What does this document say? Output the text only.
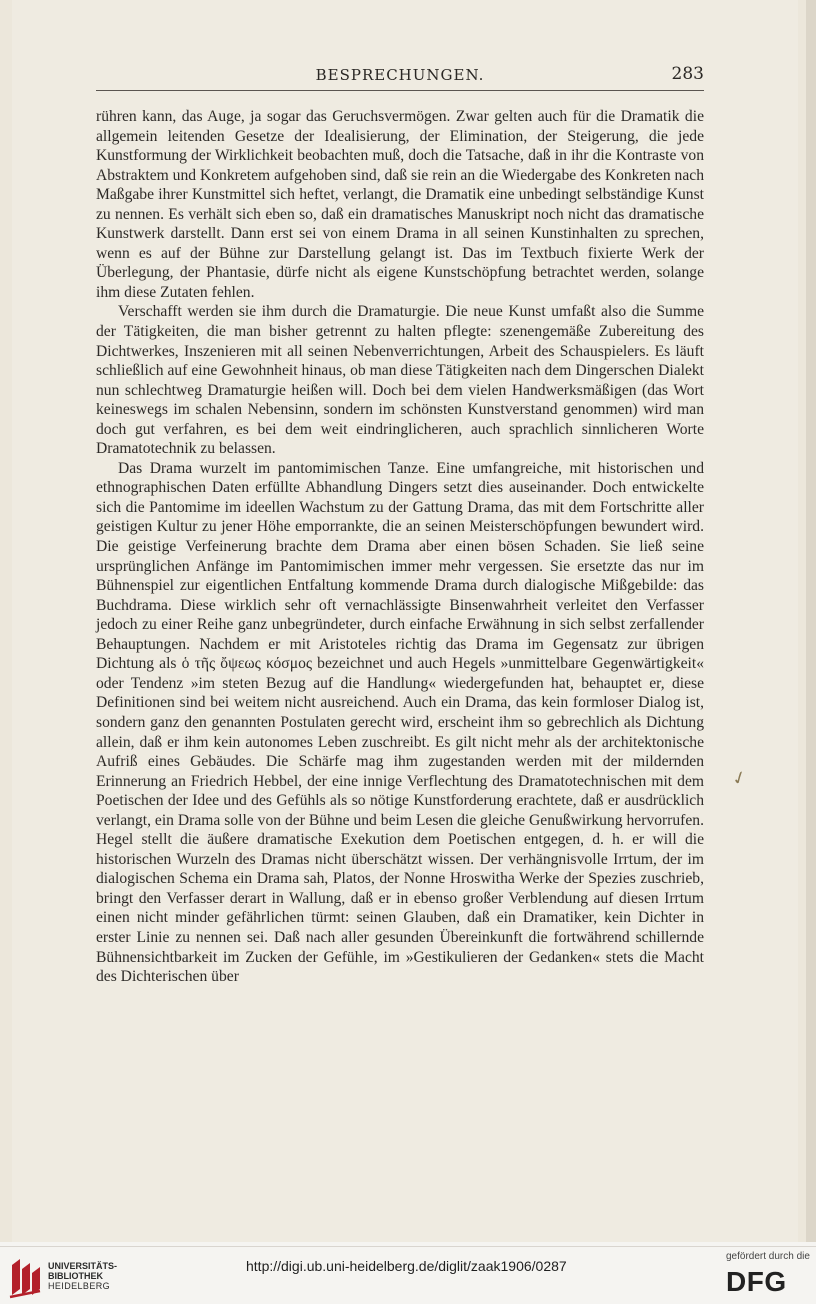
BESPRECHUNGEN.	283

rühren kann, das Auge, ja sogar das Geruchsvermögen. Zwar gelten auch für die Dramatik die allgemein leitenden Gesetze der Idealisierung, der Elimination, der Steigerung, die jede Kunstformung der Wirklichkeit beobachten muß, doch die Tatsache, daß in ihr die Kontraste von Abstraktem und Konkretem aufgehoben sind, daß sie rein an die Wiedergabe des Konkreten nach Maßgabe ihrer Kunstmittel sich heftet, verlangt, die Dramatik eine unbedingt selbständige Kunst zu nennen. Es verhält sich eben so, daß ein dramatisches Manuskript noch nicht das dramatische Kunstwerk darstellt. Dann erst sei von einem Drama in all seinen Kunstinhalten zu sprechen, wenn es auf der Bühne zur Darstellung gelangt ist. Das im Textbuch fixierte Werk der Überlegung, der Phantasie, dürfe nicht als eigene Kunstschöpfung betrachtet werden, solange ihm diese Zutaten fehlen.

Verschafft werden sie ihm durch die Dramaturgie. Die neue Kunst umfaßt also die Summe der Tätigkeiten, die man bisher getrennt zu halten pflegte: szenengemäße Zubereitung des Dichtwerkes, Inszenieren mit all seinen Nebenverrichtungen, Arbeit des Schauspielers. Es läuft schließlich auf eine Gewohnheit hinaus, ob man diese Tätigkeiten nach dem Dingerschen Dialekt nun schlechtweg Dramaturgie heißen will. Doch bei dem vielen Handwerksmäßigen (das Wort keineswegs im schalen Nebensinn, sondern im schönsten Kunstverstand genommen) wird man doch gut verfahren, es bei dem weit eindringlicheren, auch sprachlich sinnlicheren Worte Dramatotechnik zu belassen.

Das Drama wurzelt im pantomimischen Tanze. Eine umfangreiche, mit historischen und ethnographischen Daten erfüllte Abhandlung Dingers setzt dies auseinander. Doch entwickelte sich die Pantomime im ideellen Wachstum zu der Gattung Drama, das mit dem Fortschritte aller geistigen Kultur zu jener Höhe emporrankte, die an seinen Meisterschöpfungen bewundert wird. Die geistige Verfeinerung brachte dem Drama aber einen bösen Schaden. Sie ließ seine ursprünglichen Anfänge im Pantomimischen immer mehr vergessen. Sie ersetzte das nur im Bühnenspiel zur eigentlichen Entfaltung kommende Drama durch dialogische Mißgebilde: das Buchdrama. Diese wirklich sehr oft vernachlässigte Binsenwahrheit verleitet den Verfasser jedoch zu einer Reihe ganz unbegründeter, durch einfache Erwähnung in sich selbst zerfallender Behauptungen. Nachdem er mit Aristoteles richtig das Drama im Gegensatz zur übrigen Dichtung als ὁ τῆς ὄψεως κόσμος bezeichnet und auch Hegels »unmittelbare Gegenwärtigkeit« oder Tendenz »im steten Bezug auf die Handlung« wiedergefunden hat, behauptet er, diese Definitionen sind bei weitem nicht ausreichend. Auch ein Drama, das kein formloser Dialog ist, sondern ganz den genannten Postulaten gerecht wird, erscheint ihm so gebrechlich als Dichtung allein, daß er ihm kein autonomes Leben zuschreibt. Es gilt nicht mehr als der architektonische Aufriß eines Gebäudes. Die Schärfe mag ihm zugestanden werden mit der mildernden Erinnerung an Friedrich Hebbel, der eine innige Verflechtung des Dramatotechnischen mit dem Poetischen der Idee und des Gefühls als so nötige Kunstforderung erachtete, daß er ausdrücklich verlangt, ein Drama solle von der Bühne und beim Lesen die gleiche Genußwirkung hervorrufen. Hegel stellt die äußere dramatische Exekution dem Poetischen entgegen, d. h. er will die historischen Wurzeln des Dramas nicht überschätzt wissen. Der verhängnisvolle Irrtum, der im dialogischen Schema ein Drama sah, Platos, der Nonne Hroswitha Werke der Spezies zuschrieb, bringt den Verfasser derart in Wallung, daß er in ebenso großer Verblendung auf diesen Irrtum einen nicht minder gefährlichen türmt: seinen Glauben, daß ein Dramatiker, kein Dichter in erster Linie zu nennen sei. Daß nach aller gesunden Übereinkunft die fortwährend schillernde Bühnensichtbarkeit im Zucken der Gefühle, im »Gestikulieren der Gedanken« stets die Macht des Dichterischen über

✓
UNIVERSITÄTS-
BIBLIOTHEK
HEIDELBERG
http://digi.ub.uni-heidelberg.de/diglit/zaak1906/0287
gefördert durch die
DFG
